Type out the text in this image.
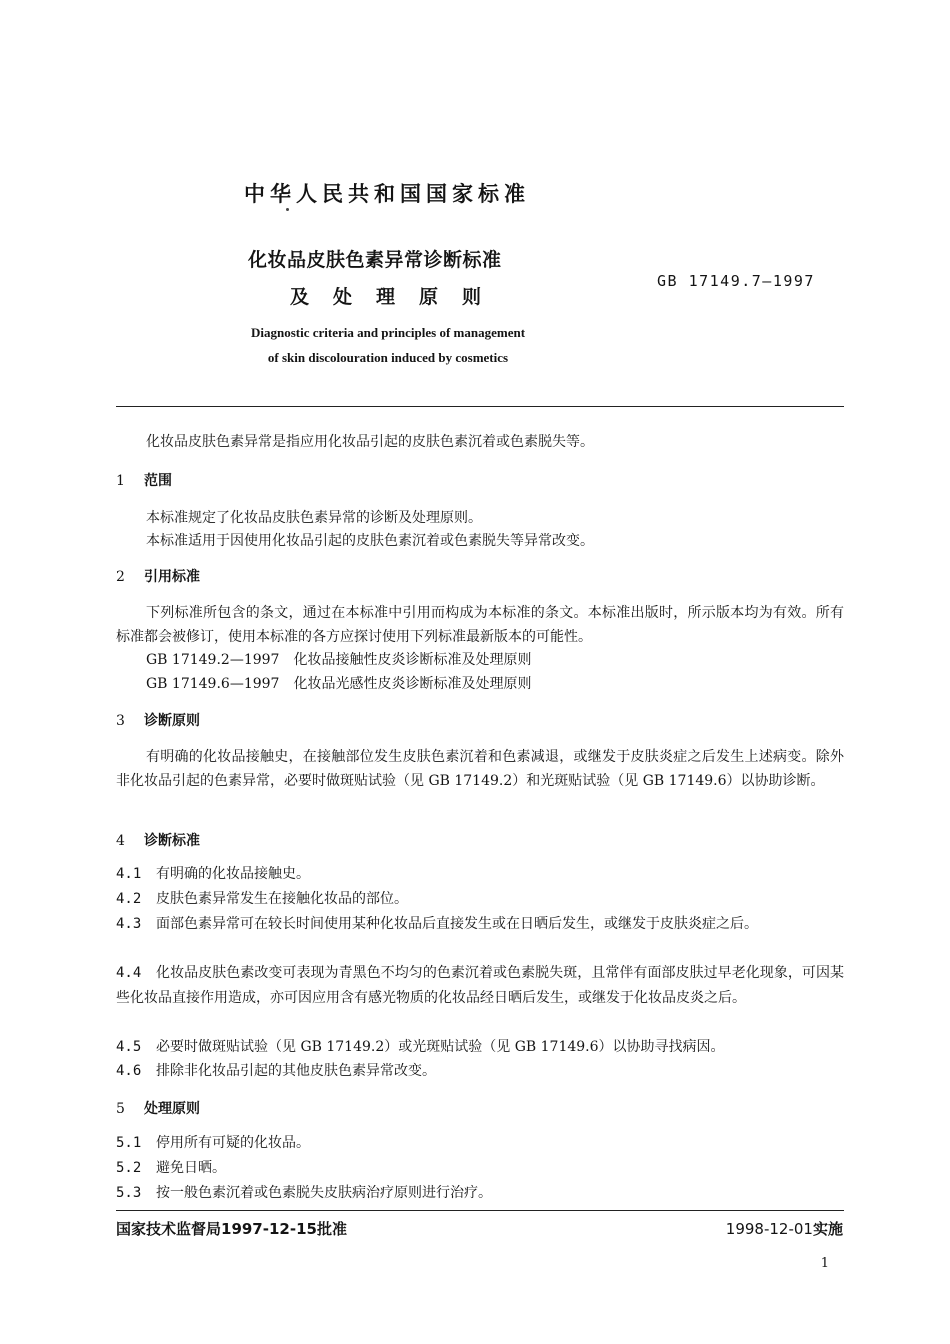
中华人民共和国国家标准
化妆品皮肤色素异常诊断标准
及处理原则
GB 17149.7—1997
Diagnostic criteria and principles of management
of skin discolouration induced by cosmetics
化妆品皮肤色素异常是指应用化妆品引起的皮肤色素沉着或色素脱失等。
1 范围
本标准规定了化妆品皮肤色素异常的诊断及处理原则。
本标准适用于因使用化妆品引起的皮肤色素沉着或色素脱失等异常改变。
2 引用标准
下列标准所包含的条文，通过在本标准中引用而构成为本标准的条文。本标准出版时，所示版本均为有效。所有标准都会被修订，使用本标准的各方应探讨使用下列标准最新版本的可能性。
GB 17149.2—1997　化妆品接触性皮炎诊断标准及处理原则
GB 17149.6—1997　化妆品光感性皮炎诊断标准及处理原则
3 诊断原则
有明确的化妆品接触史，在接触部位发生皮肤色素沉着和色素减退，或继发于皮肤炎症之后发生上述病变。除外非化妆品引起的色素异常，必要时做斑贴试验（见 GB 17149.2）和光斑贴试验（见 GB 17149.6）以协助诊断。
4 诊断标准
4.1 有明确的化妆品接触史。
4.2 皮肤色素异常发生在接触化妆品的部位。
4.3 面部色素异常可在较长时间使用某种化妆品后直接发生或在日晒后发生，或继发于皮肤炎症之后。
4.4 化妆品皮肤色素改变可表现为青黑色不均匀的色素沉着或色素脱失斑，且常伴有面部皮肤过早老化现象，可因某些化妆品直接作用造成，亦可因应用含有感光物质的化妆品经日晒后发生，或继发于化妆品皮炎之后。
4.5 必要时做斑贴试验（见 GB 17149.2）或光斑贴试验（见 GB 17149.6）以协助寻找病因。
4.6 排除非化妆品引起的其他皮肤色素异常改变。
5 处理原则
5.1 停用所有可疑的化妆品。
5.2 避免日晒。
5.3 按一般色素沉着或色素脱失皮肤病治疗原则进行治疗。
国家技术监督局1997-12-15批准	1998-12-01实施
1
